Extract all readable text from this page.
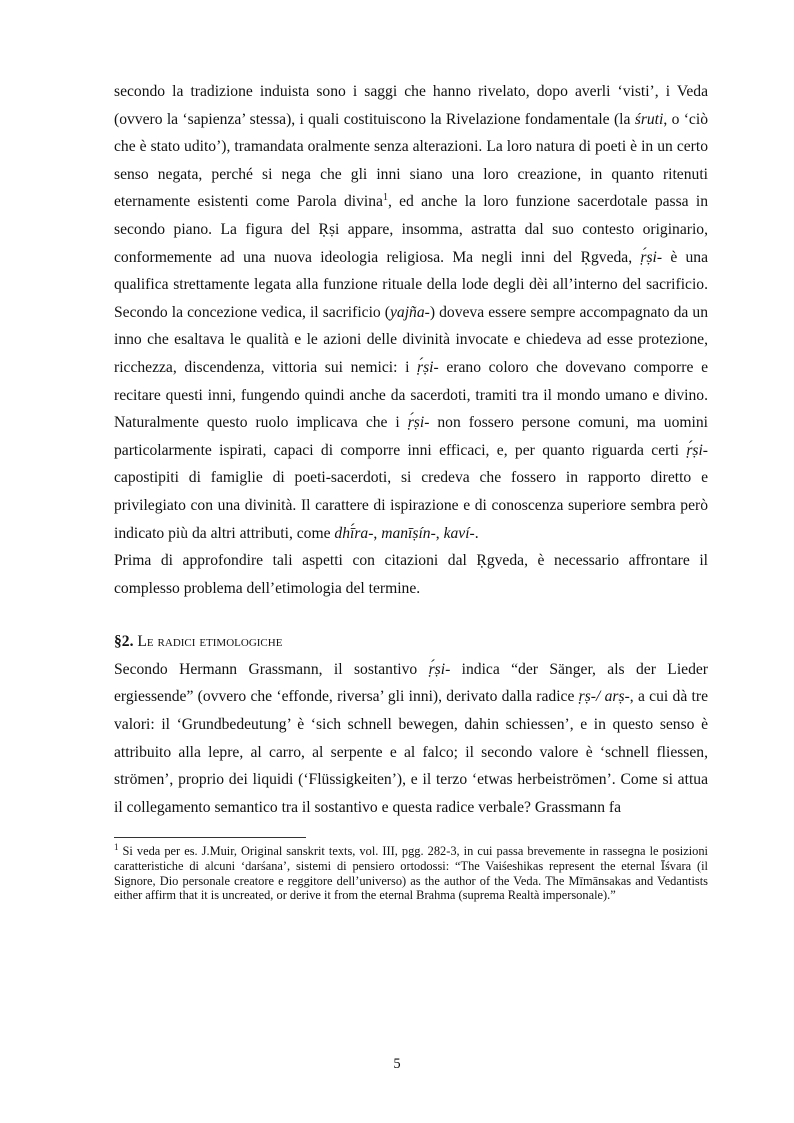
secondo la tradizione induista sono i saggi che hanno rivelato, dopo averli ‘visti’, i Veda (ovvero la ‘sapienza’ stessa), i quali costituiscono la Rivelazione fondamentale (la śruti, o ‘ciò che è stato udito’), tramandata oralmente senza alterazioni. La loro natura di poeti è in un certo senso negata, perché si nega che gli inni siano una loro creazione, in quanto ritenuti eternamente esistenti come Parola divina$^1$, ed anche la loro funzione sacerdotale passa in secondo piano. La figura del Ṛṣi appare, insomma, astratta dal suo contesto originario, conformemente ad una nuova ideologia religiosa. Ma negli inni del Ṛgveda, ṛ́ṣi- è una qualifica strettamente legata alla funzione rituale della lode degli dèi all’interno del sacrificio. Secondo la concezione vedica, il sacrificio (yajña-) doveva essere sempre accompagnato da un inno che esaltava le qualità e le azioni delle divinità invocate e chiedeva ad esse protezione, ricchezza, discendenza, vittoria sui nemici: i ṛ́ṣi- erano coloro che dovevano comporre e recitare questi inni, fungendo quindi anche da sacerdoti, tramiti tra il mondo umano e divino. Naturalmente questo ruolo implicava che i ṛ́ṣi- non fossero persone comuni, ma uomini particolarmente ispirati, capaci di comporre inni efficaci, e, per quanto riguarda certi ṛ́ṣi- capostipiti di famiglie di poeti-sacerdoti, si credeva che fossero in rapporto diretto e privilegiato con una divinità. Il carattere di ispirazione e di conoscenza superiore sembra però indicato più da altri attributi, come dhī́ra-, manīṣín-, kaví-.

Prima di approfondire tali aspetti con citazioni dal Ṛgveda, è necessario affrontare il complesso problema dell’etimologia del termine.

§2. Le radici etimologiche

Secondo Hermann Grassmann, il sostantivo ṛ́ṣi- indica “der Sänger, als der Lieder ergiessende” (ovvero che ‘effonde, riversa’ gli inni), derivato dalla radice ṛṣ-/ arṣ-, a cui dà tre valori: il ‘Grundbedeutung’ è ‘sich schnell bewegen, dahin schiessen’, e in questo senso è attribuito alla lepre, al carro, al serpente e al falco; il secondo valore è ‘schnell fliessen, strömen’, proprio dei liquidi (‘Flüssigkeiten’), e il terzo ‘etwas herbeiströmen’. Come si attua il collegamento semantico tra il sostantivo e questa radice verbale? Grassmann fa

$^1$ Si veda per es. J.Muir, Original sanskrit texts, vol. III, pgg. 282-3, in cui passa brevemente in rassegna le posizioni caratteristiche di alcuni ‘darśana’, sistemi di pensiero ortodossi: “The Vaiśeshikas represent the eternal Īśvara (il Signore, Dio personale creatore e reggitore dell’universo) as the author of the Veda. The Mīmānsakas and Vedantists either affirm that it is uncreated, or derive it from the eternal Brahma (suprema Realtà impersonale).”

5
